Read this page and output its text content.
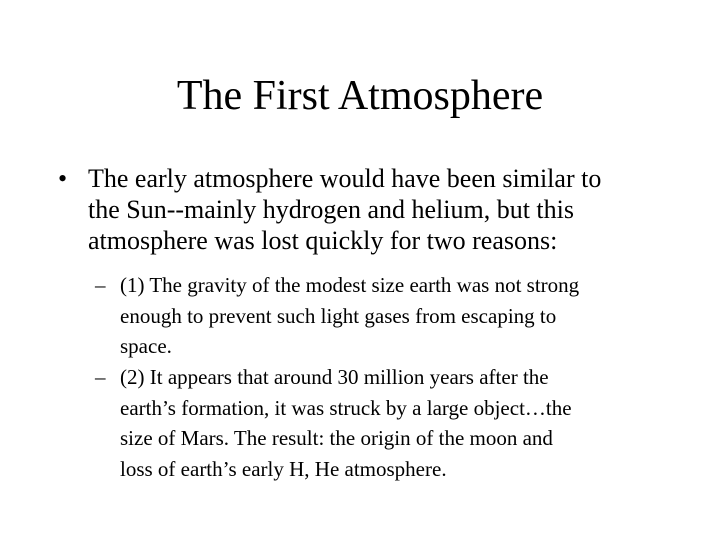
The First Atmosphere
• The early atmosphere would have been similar to
the Sun--mainly hydrogen and helium, but this
atmosphere was lost quickly for two reasons:
– (1) The gravity of the modest size earth was not strong
enough to prevent such light gases from escaping to
space.
– (2) It appears that around 30 million years after the
earth’s formation, it was struck by a large object…the
size of Mars. The result: the origin of the moon and
loss of earth’s early H, He atmosphere.
